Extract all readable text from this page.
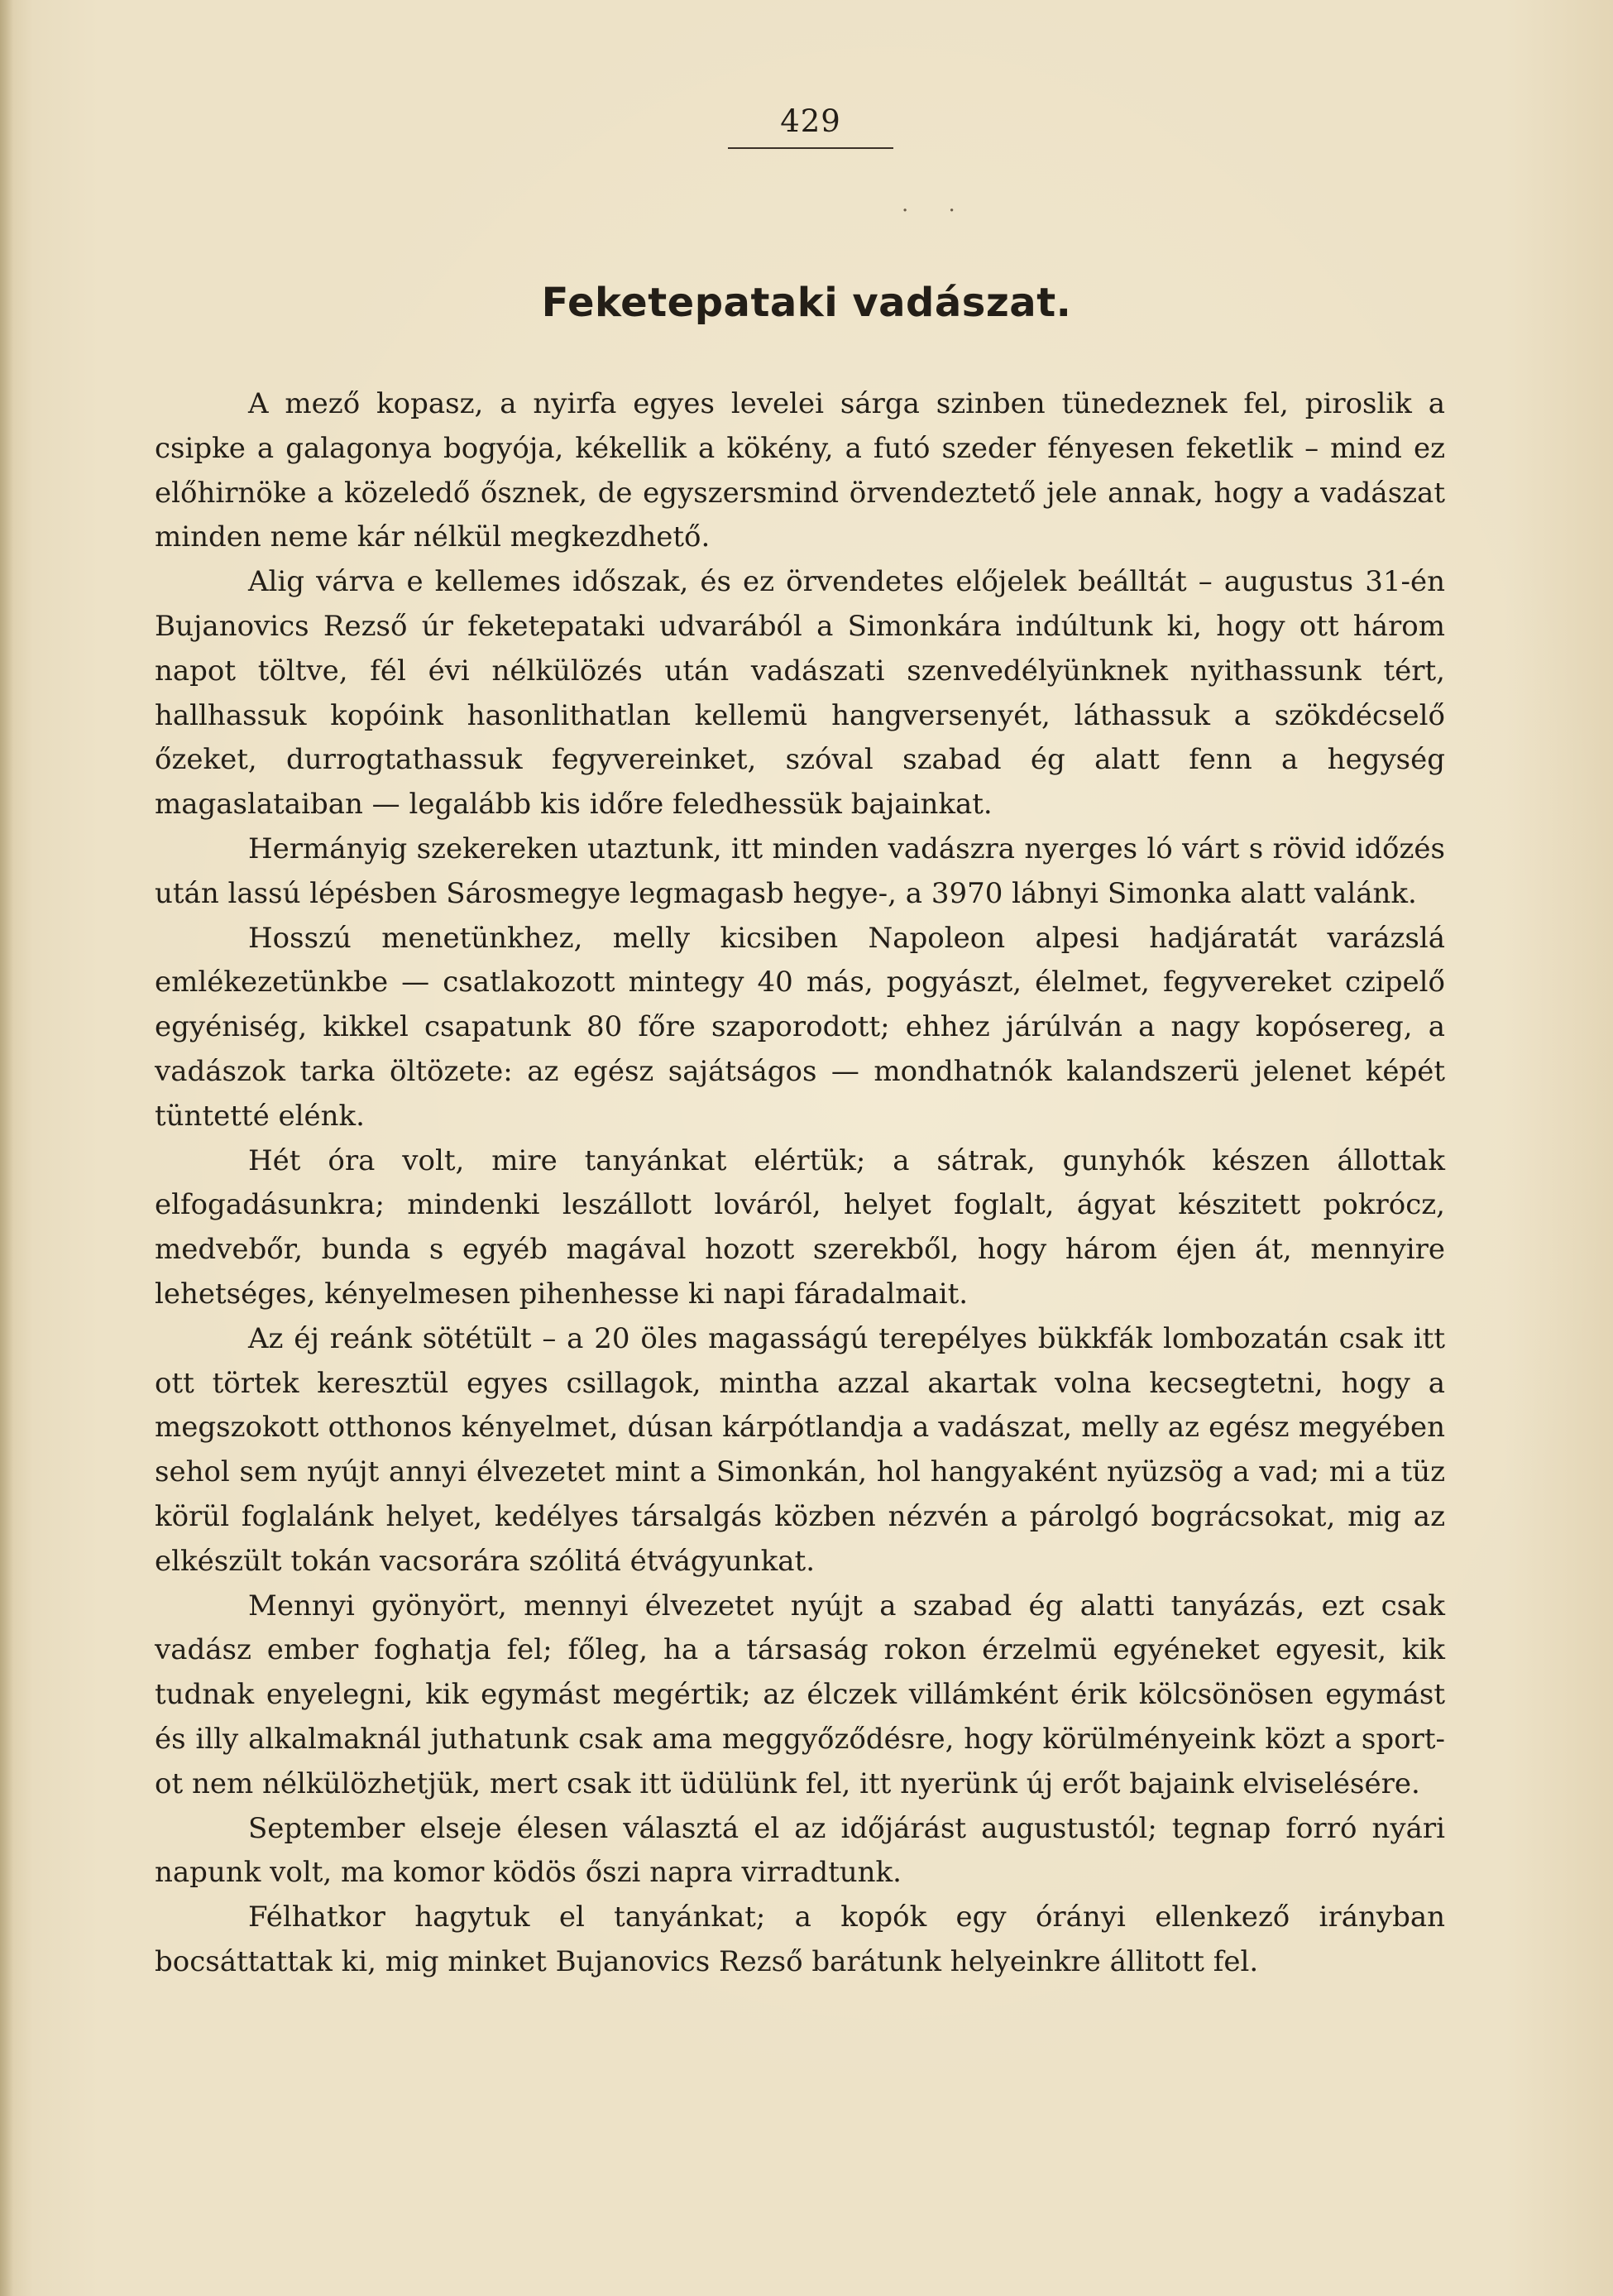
429
· ·
Feketepataki vadászat.

A mező kopasz, a nyirfa egyes levelei sárga szinben tünedeznek fel, piroslik a csipke a galagonya bogyója, kékellik a kökény, a futó szeder fényesen feketlik – mind ez előhirnöke a közeledő ősznek, de egyszersmind örvendeztető jele annak, hogy a vadászat minden neme kár nélkül megkezdhető.

Alig várva e kellemes időszak, és ez örvendetes előjelek beálltát – augustus 31-én Bujanovics Rezső úr feketepataki udvarából a Simonkára indúltunk ki, hogy ott három napot töltve, fél évi nélkülözés után vadászati szenvedélyünknek nyithassunk tért, hallhassuk kopóink hasonlithatlan kellemü hangversenyét, láthassuk a szökdécselő őzeket, durrogtathassuk fegyvereinket, szóval szabad ég alatt fenn a hegység magaslataiban — legalább kis időre feledhessük bajainkat.

Hermányig szekereken utaztunk, itt minden vadászra nyerges ló várt s rövid időzés után lassú lépésben Sárosmegye legmagasb hegye-, a 3970 lábnyi Simonka alatt valánk.

Hosszú menetünkhez, melly kicsiben Napoleon alpesi hadjáratát varázslá emlékezetünkbe — csatlakozott mintegy 40 más, pogyászt, élelmet, fegyvereket czipelő egyéniség, kikkel csapatunk 80 főre szaporodott; ehhez járúlván a nagy kopósereg, a vadászok tarka öltözete: az egész sajátságos — mondhatnók kalandszerü jelenet képét tüntetté elénk.

Hét óra volt, mire tanyánkat elértük; a sátrak, gunyhók készen állottak elfogadásunkra; mindenki leszállott lováról, helyet foglalt, ágyat készitett pokrócz, medvebőr, bunda s egyéb magával hozott szerekből, hogy három éjen át, mennyire lehetséges, kényelmesen pihenhesse ki napi fáradalmait.

Az éj reánk sötétült – a 20 öles magasságú terepélyes bükkfák lombozatán csak itt ott törtek keresztül egyes csillagok, mintha azzal akartak volna kecsegtetni, hogy a megszokott otthonos kényelmet, dúsan kárpótlandja a vadászat, melly az egész megyében sehol sem nyújt annyi élvezetet mint a Simonkán, hol hangyaként nyüzsög a vad; mi a tüz körül foglalánk helyet, kedélyes társalgás közben nézvén a párolgó bográcsokat, mig az elkészült tokán vacsorára szólitá étvágyunkat.

Mennyi gyönyört, mennyi élvezetet nyújt a szabad ég alatti tanyázás, ezt csak vadász ember foghatja fel; főleg, ha a társaság rokon érzelmü egyéneket egyesit, kik tudnak enyelegni, kik egymást megértik; az élczek villámként érik kölcsönösen egymást és illy alkalmaknál juthatunk csak ama meggyőződésre, hogy körülményeink közt a sport-ot nem nélkülözhetjük, mert csak itt üdülünk fel, itt nyerünk új erőt bajaink elviselésére.

September elseje élesen választá el az időjárást augustustól; tegnap forró nyári napunk volt, ma komor ködös őszi napra virradtunk.

Félhatkor hagytuk el tanyánkat; a kopók egy órányi ellenkező irányban bocsáttattak ki, mig minket Bujanovics Rezső barátunk helyeinkre állitott fel.
